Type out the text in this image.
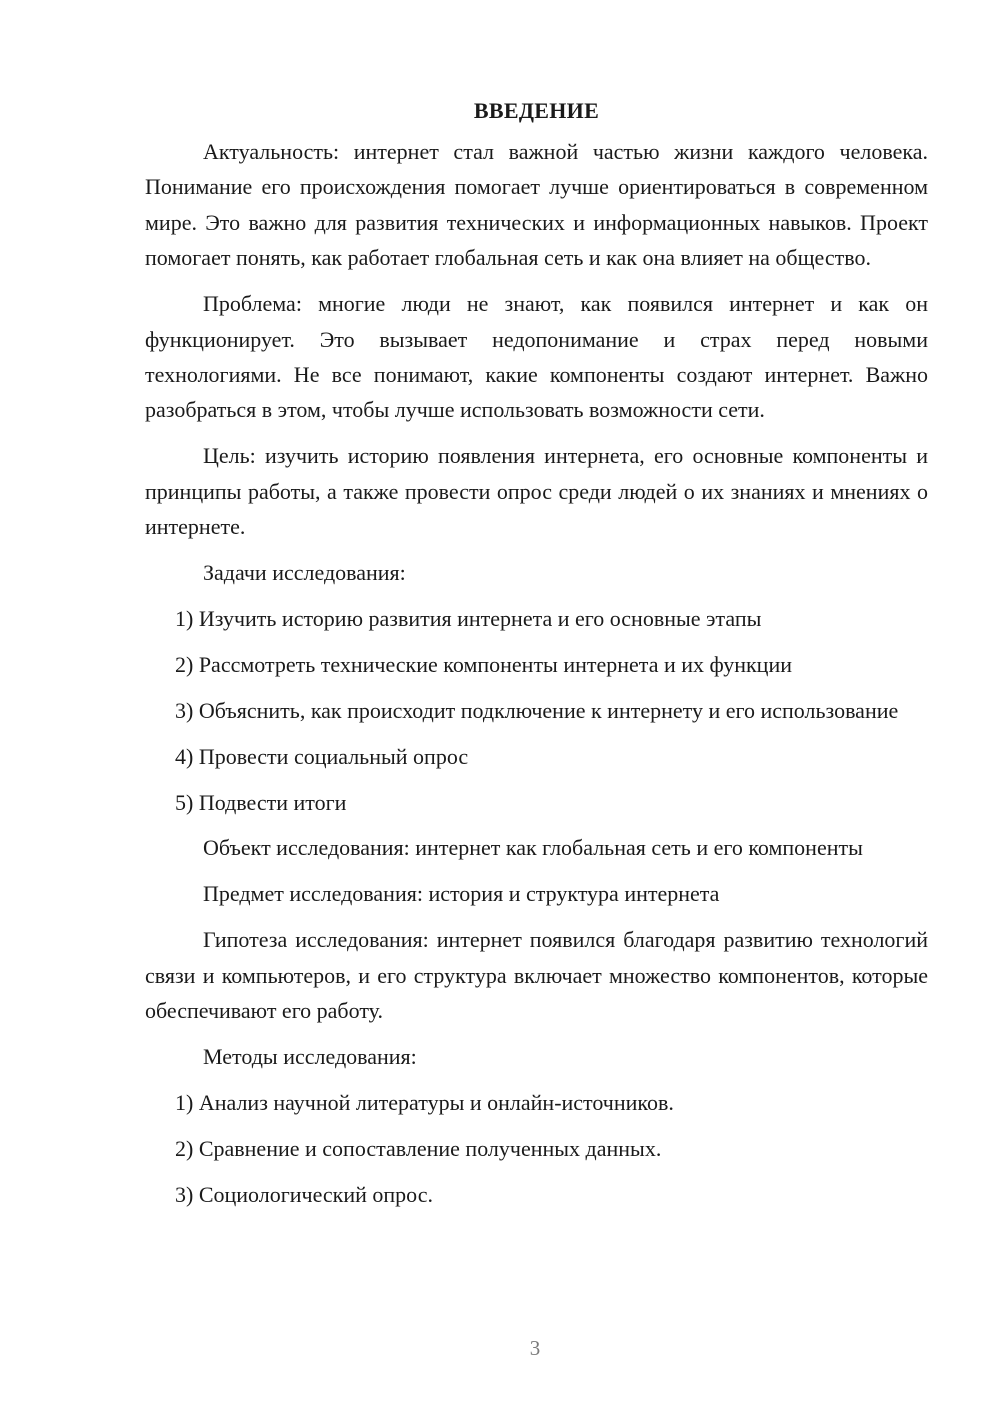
ВВЕДЕНИЕ

Актуальность: интернет стал важной частью жизни каждого человека. Понимание его происхождения помогает лучше ориентироваться в современном мире. Это важно для развития технических и информационных навыков. Проект помогает понять, как работает глобальная сеть и как она влияет на общество.

Проблема: многие люди не знают, как появился интернет и как он функционирует. Это вызывает недопонимание и страх перед новыми технологиями. Не все понимают, какие компоненты создают интернет. Важно разобраться в этом, чтобы лучше использовать возможности сети.

Цель: изучить историю появления интернета, его основные компоненты и принципы работы, а также провести опрос среди людей о их знаниях и мнениях о интернете.

Задачи исследования:

1) Изучить историю развития интернета и его основные этапы

2) Рассмотреть технические компоненты интернета и их функции

3) Объяснить, как происходит подключение к интернету и его использование

4) Провести социальный опрос

5) Подвести итоги

Объект исследования: интернет как глобальная сеть и его компоненты

Предмет исследования: история и структура интернета

Гипотеза исследования: интернет появился благодаря развитию технологий связи и компьютеров, и его структура включает множество компонентов, которые обеспечивают его работу.

Методы исследования:

1) Анализ научной литературы и онлайн-источников.

2) Сравнение и сопоставление полученных данных.

3) Социологический опрос.

3
